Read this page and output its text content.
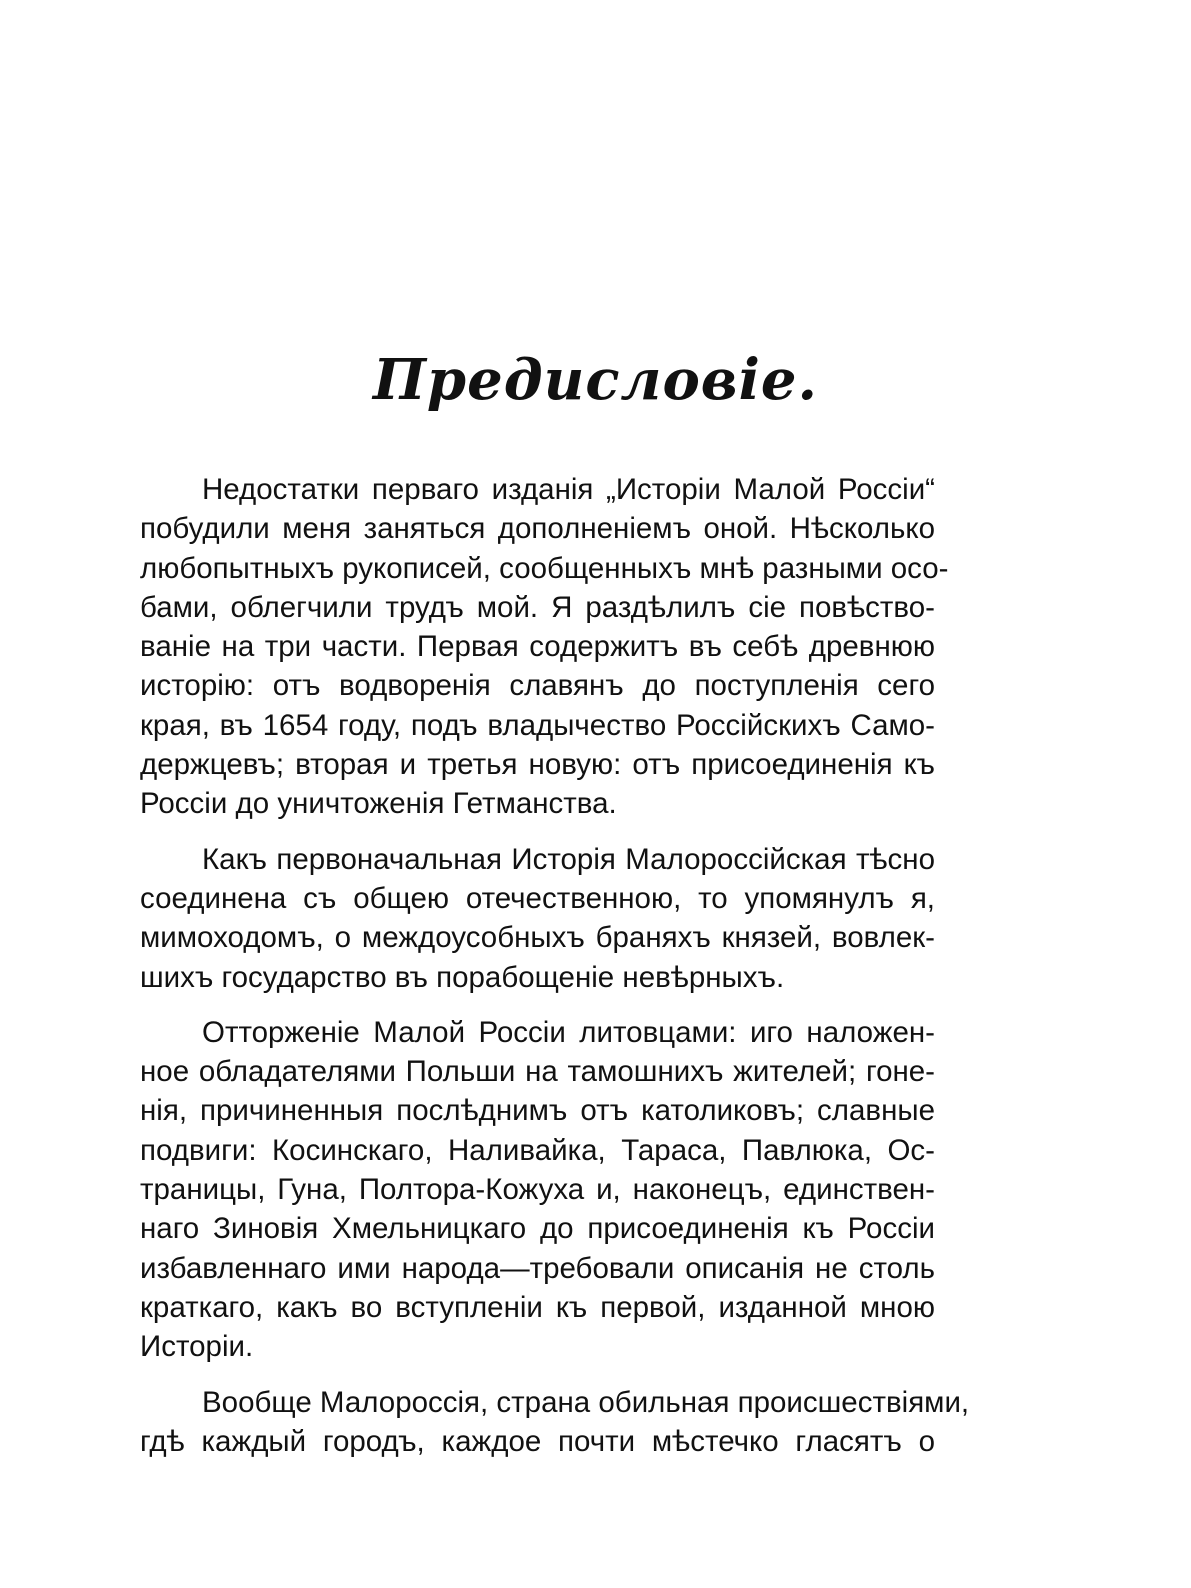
Предисловіе.
Недостатки перваго изданія „Исторіи Малой Россіи“
побудили меня заняться дополненіемъ оной. Нѣсколько
любопытныхъ рукописей, сообщенныхъ мнѣ разными осо-
бами, облегчили трудъ мой. Я раздѣлилъ сіе повѣство-
ваніе на три части. Первая содержитъ въ себѣ древнюю
исторію: отъ водворенія славянъ до поступленія сего
края, въ 1654 году, подъ владычество Россійскихъ Само-
держцевъ; вторая и третья новую: отъ присоединенія къ
Россіи до уничтоженія Гетманства.
Какъ первоначальная Исторія Малороссійская тѣсно
соединена съ общею отечественною, то упомянулъ я,
мимоходомъ, о междоусобныхъ браняхъ князей, вовлек-
шихъ государство въ порабощеніе невѣрныхъ.
Отторженіе Малой Россіи литовцами: иго наложен-
ное обладателями Польши на тамошнихъ жителей; гоне-
нія, причиненныя послѣднимъ отъ католиковъ; славные
подвиги: Косинскаго, Наливайка, Тараса, Павлюка, Ос-
траницы, Гуна, Полтора-Кожуха и, наконецъ, единствен-
наго Зиновія Хмельницкаго до присоединенія къ Россіи
избавленнаго ими народа—требовали описанія не столь
краткаго, какъ во вступленіи къ первой, изданной мною
Исторіи.
Вообще Малороссія, страна обильная происшествіями,
гдѣ каждый городъ, каждое почти мѣстечко гласятъ о
